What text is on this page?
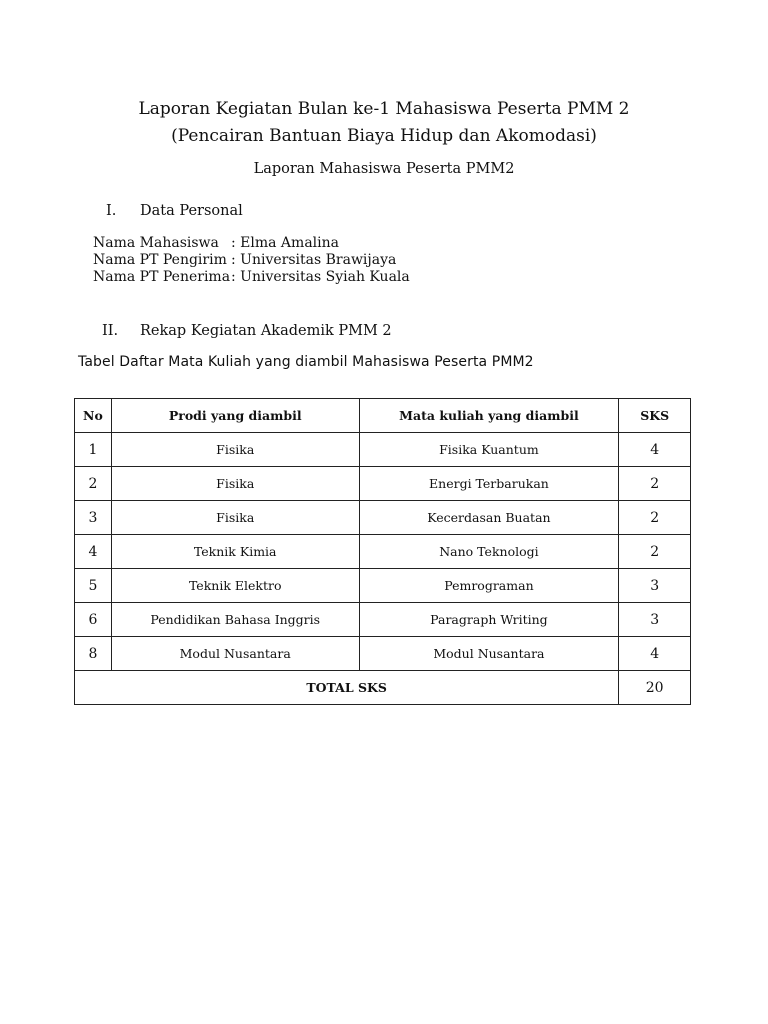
Laporan Kegiatan Bulan ke-1 Mahasiswa Peserta PMM 2
(Pencairan Bantuan Biaya Hidup dan Akomodasi)
Laporan Mahasiswa Peserta PMM2
I. Data Personal
Nama Mahasiswa : Elma Amalina
Nama PT Pengirim : Universitas Brawijaya
Nama PT Penerima: Universitas Syiah Kuala
II. Rekap Kegiatan Akademik PMM 2
Tabel Daftar Mata Kuliah yang diambil Mahasiswa Peserta PMM2
No	Prodi yang diambil	Mata kuliah yang diambil	SKS
1	Fisika	Fisika Kuantum	4
2	Fisika	Energi Terbarukan	2
3	Fisika	Kecerdasan Buatan	2
4	Teknik Kimia	Nano Teknologi	2
5	Teknik Elektro	Pemrograman	3
6	Pendidikan Bahasa Inggris	Paragraph Writing	3
8	Modul Nusantara	Modul Nusantara	4
TOTAL SKS			20
